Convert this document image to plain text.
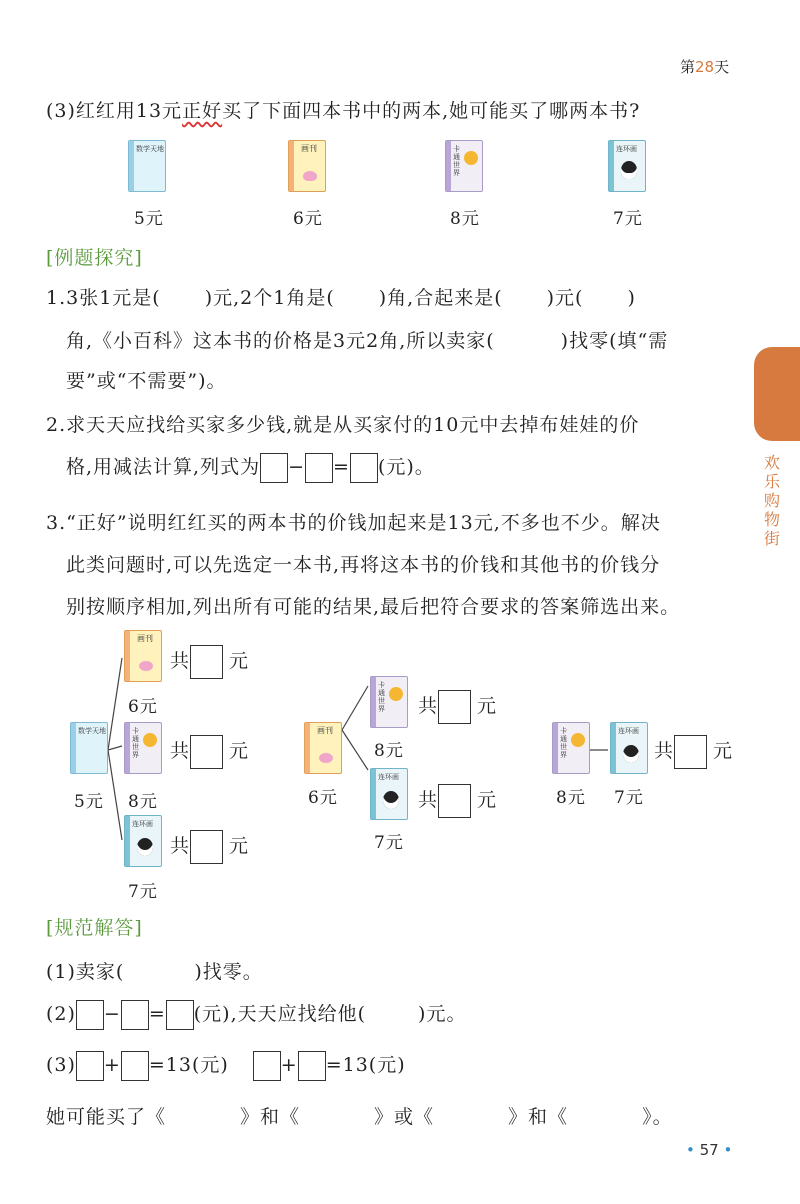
第28天
欢乐购物街
(3)红红用13元正好买了下面四本书中的两本,她可能买了哪两本书?
数学天地
5元
画刊
6元
卡通世界
8元
连环画
7元
[例题探究]
1.3张1元是( )元,2个1角是( )角,合起来是( )元( )
角,《小百科》这本书的价格是3元2角,所以卖家(	)找零(填“需
要”或“不需要”)。
2.求天天应找给买家多少钱,就是从买家付的10元中去掉布娃娃的价
格,用减法计算,列式为 − = (元)。
3.“正好”说明红红买的两本书的价钱加起来是13元,不多也不少。解决
此类问题时,可以先选定一本书,再将这本书的价钱和其他书的价钱分
别按顺序相加,列出所有可能的结果,最后把符合要求的答案筛选出来。
数学天地
5元
画刊
6元
共 元
卡通世界
8元
共 元
连环画
7元
共 元
画刊
6元
卡通世界
8元
共 元
连环画
7元
共 元
卡通世界
8元
连环画
7元
共 元
[规范解答]
(1)卖家(	)找零。
(2) − = (元),天天应找给他(	)元。
(3) + =13(元)	+ =13(元)
她可能买了《	》和《	》或《	》和《	》。
• 57 •
